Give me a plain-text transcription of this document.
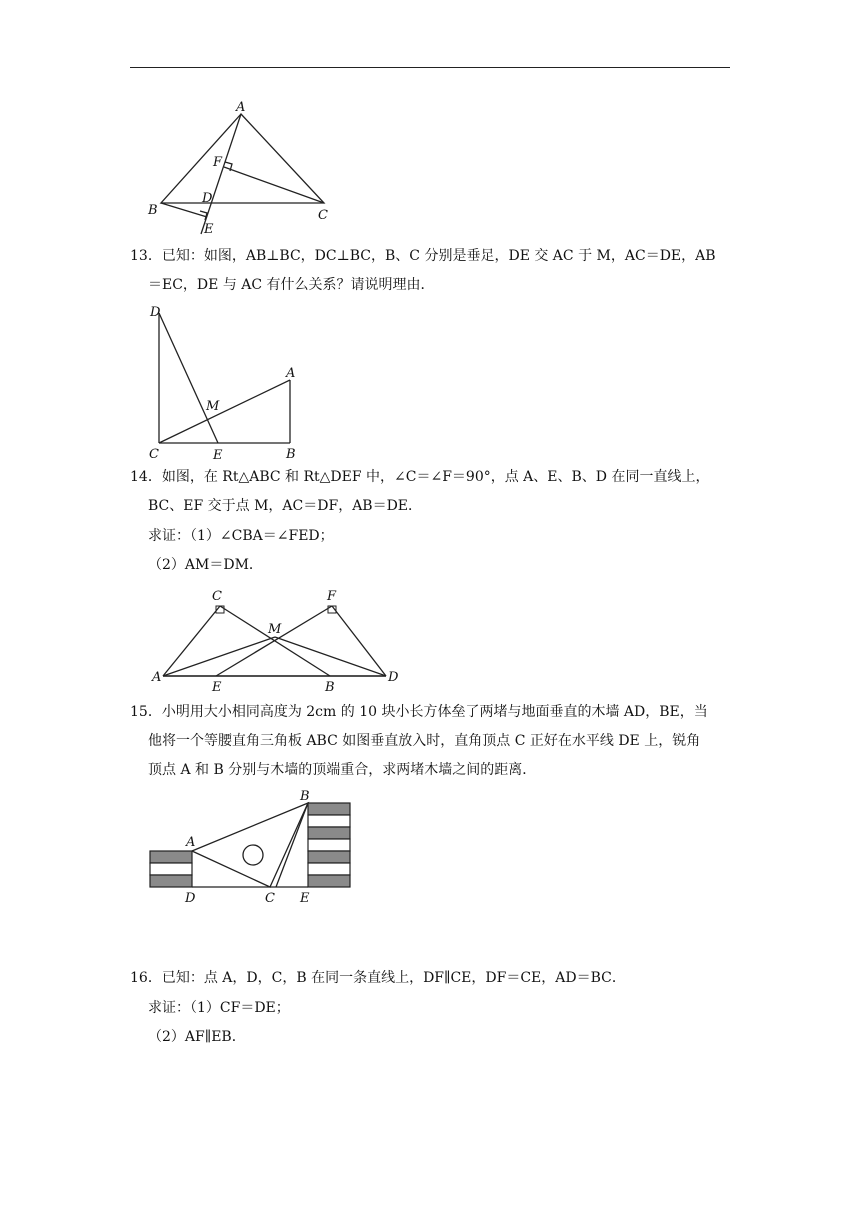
A
B	C
D
E
F

13．已知：如图，AB⊥BC，DC⊥BC，B、C 分别是垂足，DE 交 AC 于 M，AC＝DE，AB

＝EC，DE 与 AC 有什么关系？请说明理由．

D
A
M
C	E	B

14．如图，在 Rt△ABC 和 Rt△DEF 中，∠C＝∠F＝90°，点 A、E、B、D 在同一直线上，

BC、EF 交于点 M，AC＝DF，AB＝DE．

求证：（1）∠CBA＝∠FED；

（2）AM＝DM．

C	F
M
A
E	B
D

15．小明用大小相同高度为 2cm 的 10 块小长方体垒了两堵与地面垂直的木墙 AD，BE，当

他将一个等腰直角三角板 ABC 如图垂直放入时，直角顶点 C 正好在水平线 DE 上，锐角

顶点 A 和 B 分别与木墙的顶端重合，求两堵木墙之间的距离．

A
B
C
D	E

16．已知：点 A，D，C，B 在同一条直线上，DF∥CE，DF＝CE，AD＝BC．

求证：（1）CF＝DE；

（2）AF∥EB．
